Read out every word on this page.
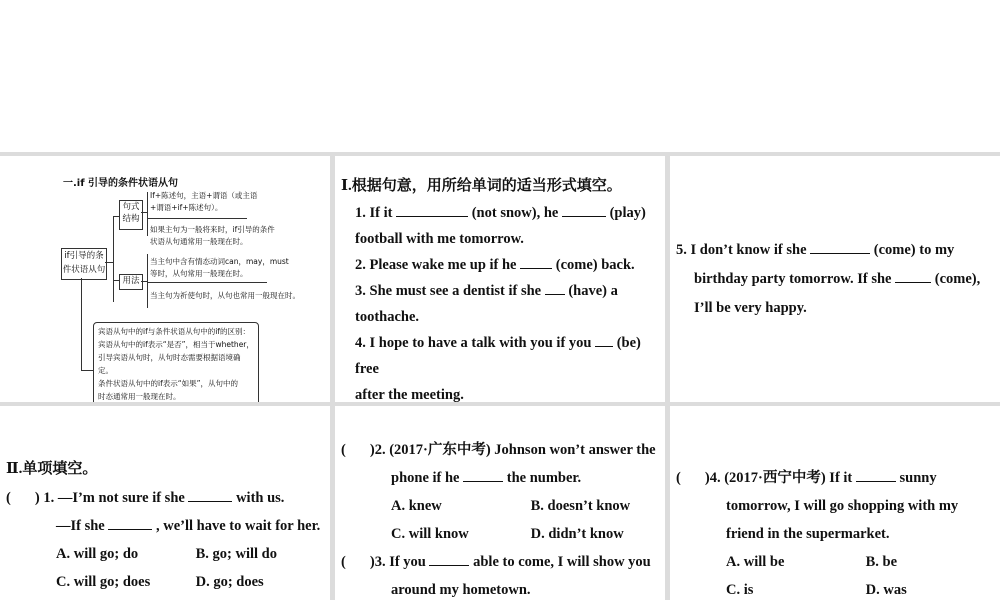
一.if 引导的条件状语从句
if引导的条件状语从句
句式结构
用法
If+陈述句，主语+谓语（或主语
+谓语+if+陈述句）。
如果主句为一般将来时，if引导的条件
状语从句通常用一般现在时。
当主句中含有情态动词can，may，must
等时，从句常用一般现在时。
当主句为祈使句时，从句也常用一般现在时。
宾语从句中的if与条件状语从句中的if的区别：
宾语从句中的if表示“是否”，相当于whether，
引导宾语从句时，从句时态需要根据语境确定。
条件状语从句中的if表示“如果”，从句中的
时态通常用一般现在时。
Ⅰ.根据句意，用所给单词的适当形式填空。
1. If it	(not snow), he	(play)
football with me tomorrow.
2. Please wake me up if he	(come) back.
3. She must see a dentist if she (have) a
toothache.
4. I hope to have a talk with you if you (be) free
after the meeting.
5. I don’t know if she	(come) to my
birthday party tomorrow. If she	(come),
I’ll be very happy.
Ⅱ.单项填空。
( ) 1. —I’m not sure if she	with us.
—If she	, we’ll have to wait for her.
A. will go; do	B. go; will do
C. will go; does	D. go; does
( )2. (2017·广东中考) Johnson won’t answer the
phone if he	the number.
A. knew	B. doesn’t know
C. will know	D. didn’t know
( )3. If you	able to come, I will show you
around my hometown.
( )4. (2017·西宁中考) If it	sunny
tomorrow, I will go shopping with my
friend in the supermarket.
A. will be	B. be
C. is	D. was
